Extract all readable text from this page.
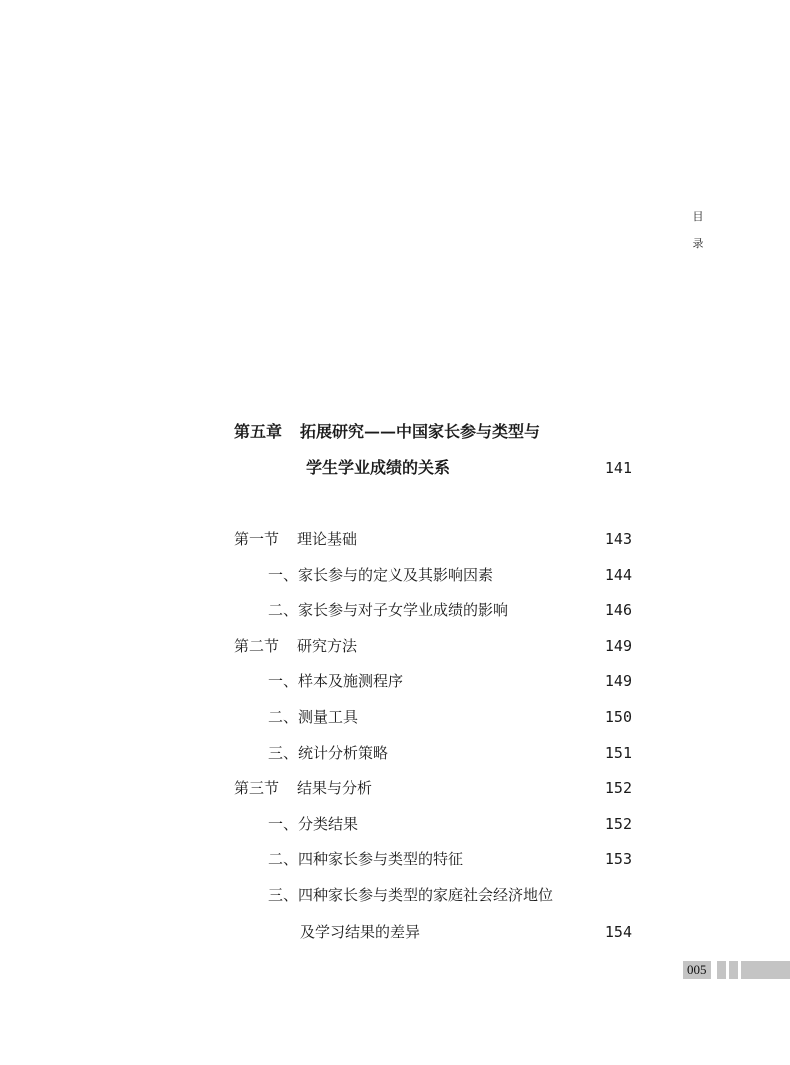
目
录
第五章 拓展研究——中国家长参与类型与
学生学业成绩的关系	141
第一节 理论基础	143
一、家长参与的定义及其影响因素	144
二、家长参与对子女学业成绩的影响	146
第二节 研究方法	149
一、样本及施测程序	149
二、测量工具	150
三、统计分析策略	151
第三节 结果与分析	152
一、分类结果	152
二、四种家长参与类型的特征	153
三、四种家长参与类型的家庭社会经济地位
及学习结果的差异	154
005
